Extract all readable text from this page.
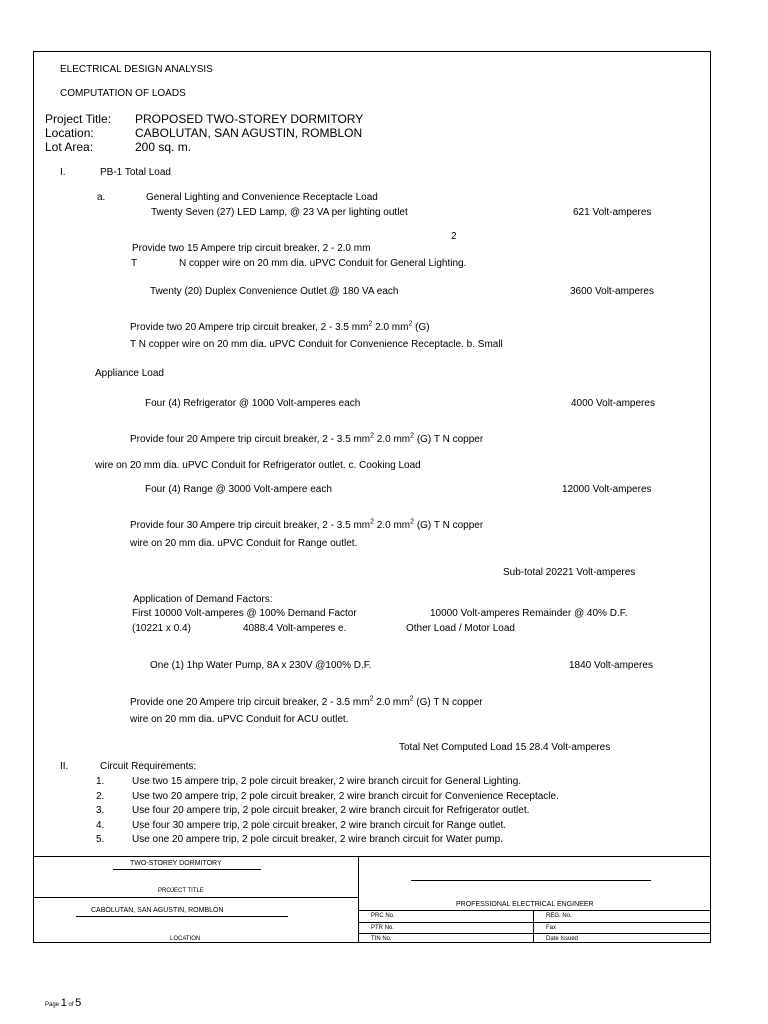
ELECTRICAL DESIGN ANALYSIS
COMPUTATION OF LOADS
Project Title: PROPOSED TWO-STOREY DORMITORY
Location:	CABOLUTAN, SAN AGUSTIN, ROMBLON
Lot Area:	200 sq. m.
I.	PB-1 Total Load
a.	General Lighting and Convenience Receptacle Load
Twenty Seven (27) LED Lamp, @ 23 VA per lighting outlet	621 Volt-amperes
2
Provide two 15 Ampere trip circuit breaker, 2 - 2.0 mm
T	N copper wire on 20 mm dia. uPVC Conduit for General Lighting.
Twenty (20) Duplex Convenience Outlet @ 180 VA each	3600 Volt-amperes
Provide two 20 Ampere trip circuit breaker, 2 - 3.5 $mm^2$ 2.0 $mm^2$ (G)
T N copper wire on 20 mm dia. uPVC Conduit for Convenience Receptacle. b. Small
Appliance Load
Four (4) Refrigerator @ 1000 Volt-amperes each	4000 Volt-amperes
Provide four 20 Ampere trip circuit breaker, 2 - 3.5 $mm^2$ 2.0 $mm^2$ (G) T N copper
wire on 20 mm dia. uPVC Conduit for Refrigerator outlet. c. Cooking Load
Four (4) Range @ 3000 Volt-ampere each	12000 Volt-amperes
Provide four 30 Ampere trip circuit breaker, 2 - 3.5 $mm^2$ 2.0 $mm^2$ (G) T N copper
wire on 20 mm dia. uPVC Conduit for Range outlet.
Sub-total 20221 Volt-amperes
Application of Demand Factors:
First 10000 Volt-amperes @ 100% Demand Factor	10000 Volt-amperes Remainder @ 40% D.F.
(10221 x 0.4)	4088.4 Volt-amperes e.	Other Load / Motor Load
One (1) 1hp Water Pump, 8A x 230V @100% D.F.	1840 Volt-amperes
Provide one 20 Ampere trip circuit breaker, 2 - 3.5 $mm^2$ 2.0 $mm^2$ (G) T N copper
wire on 20 mm dia. uPVC Conduit for ACU outlet.
Total Net Computed Load 15 28.4 Volt-amperes
II.	Circuit Requirements:
1.	Use two 15 ampere trip, 2 pole circuit breaker, 2 wire branch circuit for General Lighting.
2.	Use two 20 ampere trip, 2 pole circuit breaker, 2 wire branch circuit for Convenience Receptacle.
3.	Use four 20 ampere trip, 2 pole circuit breaker, 2 wire branch circuit for Refrigerator outlet.
4.	Use four 30 ampere trip, 2 pole circuit breaker, 2 wire branch circuit for Range outlet.
5.	Use one 20 ampere trip, 2 pole circuit breaker, 2 wire branch circuit for Water pump.
TWO-STOREY DORMITORY
PROJECT TITLE
CABOLUTAN, SAN AGUSTIN, ROMBLON
LOCATION
PROFESSIONAL ELECTRICAL ENGINEER
PRC No.	REG. No.
PTR No.	Fax
TIN No.	Date Issued
Page 1 of 5
